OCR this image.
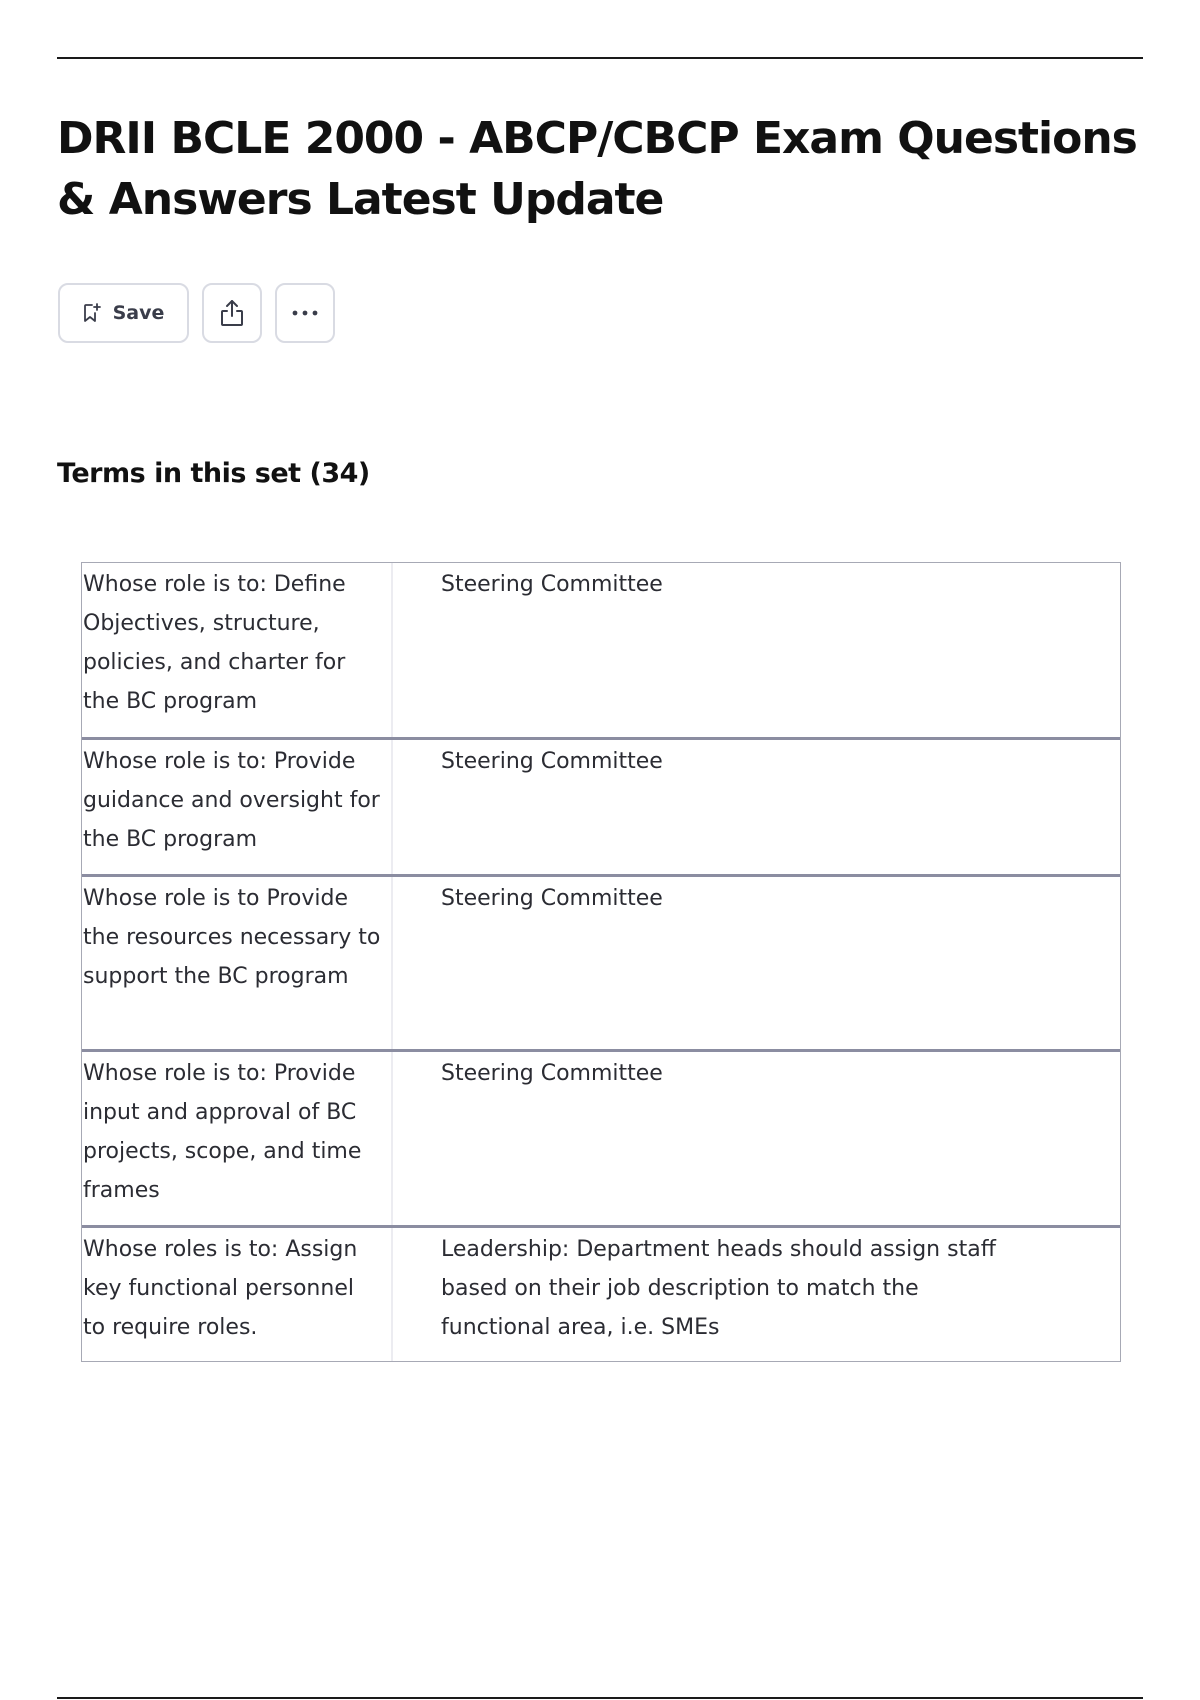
DRII BCLE 2000 - ABCP/CBCP Exam Questions & Answers Latest Update
Save
Terms in this set (34)
Whose role is to: Define Objectives, structure, policies, and charter for the BC program
Steering Committee
Whose role is to: Provide guidance and oversight for the BC program
Steering Committee
Whose role is to Provide the resources necessary to support the BC program
Steering Committee
Whose role is to: Provide input and approval of BC projects, scope, and time frames
Steering Committee
Whose roles is to: Assign key functional personnel to require roles.
Leadership: Department heads should assign staff based on their job description to match the functional area, i.e. SMEs
